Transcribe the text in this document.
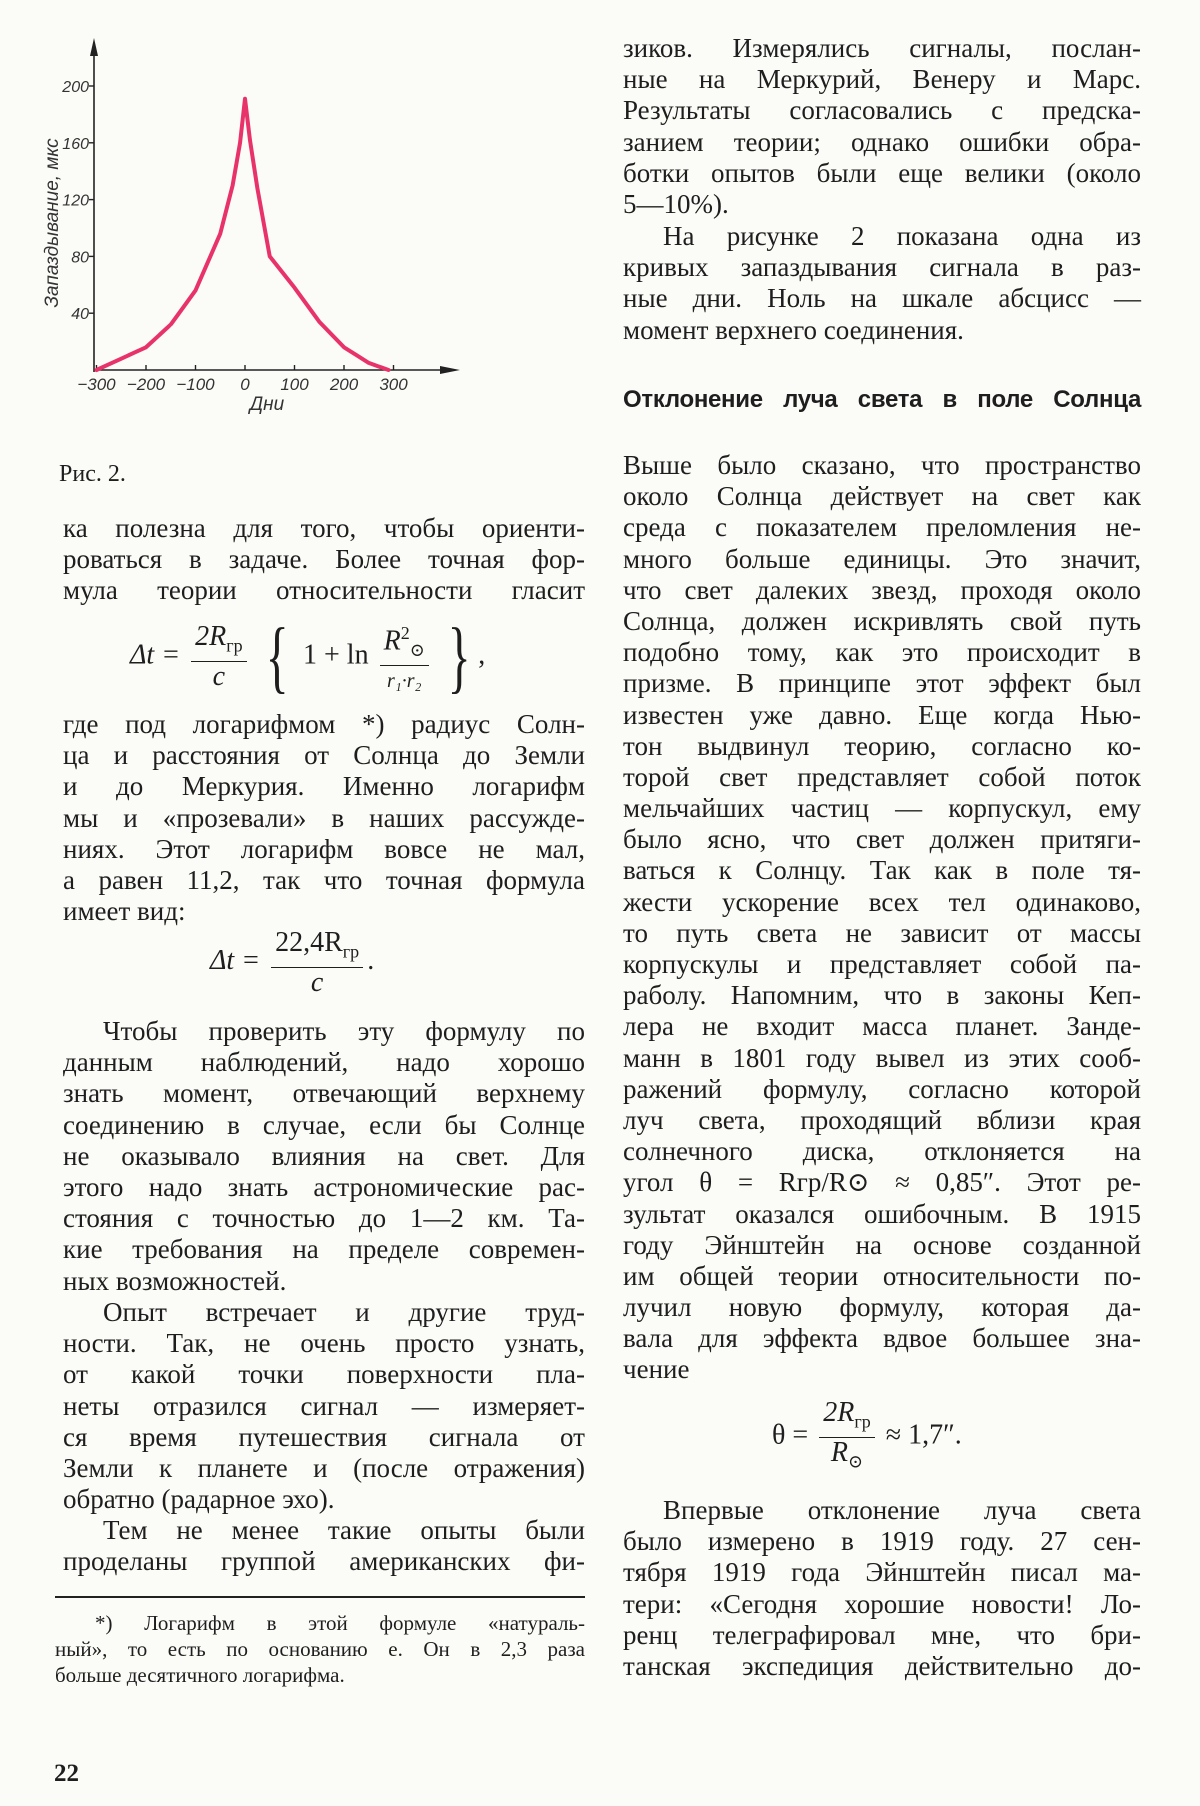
−300 −200 −100 0 100 200 300
40
80
120
160
200
Запаздывание, мкс
Дни
Рис. 2.
ка полезна для того, чтобы ориенти-
роваться в задаче. Более точная фор-
мула теории относительности гласит
$\Delta t = \frac{2R_{гр}}{c}$ { $1 + \ln \frac{R^2_⊙}{\text{r₁·r₂}}$ } ,
где под логарифмом *) радиус Солн-
ца и расстояния от Солнца до Земли
и до Меркурия. Именно логарифм
мы и «прозевали» в наших рассужде-
ниях. Этот логарифм вовсе не мал,
а равен 11,2, так что точная формула
имеет вид:
$\Delta t = \frac{22,4R_{гр}}{c}$ .
Чтобы проверить эту формулу по
данным наблюдений, надо хорошо
знать момент, отвечающий верхнему
соединению в случае, если бы Солнце
не оказывало влияния на свет. Для
этого надо знать астрономические рас-
стояния с точностью до 1—2 км. Та-
кие требования на пределе современ-
ных возможностей.
Опыт встречает и другие труд-
ности. Так, не очень просто узнать,
от какой точки поверхности пла-
неты отразился сигнал — измеряет-
ся время путешествия сигнала от
Земли к планете и (после отражения)
обратно (радарное эхо).
Тем не менее такие опыты были
проделаны группой американских фи-
*) Логарифм в этой формуле «натураль-
ный», то есть по основанию e. Он в 2,3 раза
больше десятичного логарифма.
22
зиков. Измерялись сигналы, послан-
ные на Меркурий, Венеру и Марс.
Результаты согласовались с предска-
занием теории; однако ошибки обра-
ботки опытов были еще велики (около
5—10%).
На рисунке 2 показана одна из
кривых запаздывания сигнала в раз-
ные дни. Ноль на шкале абсцисс —
момент верхнего соединения.
Отклонение луча света в поле Солнца
Выше было сказано, что пространство
около Солнца действует на свет как
среда с показателем преломления не-
много больше единицы. Это значит,
что свет далеких звезд, проходя около
Солнца, должен искривлять свой путь
подобно тому, как это происходит в
призме. В принципе этот эффект был
известен уже давно. Еще когда Нью-
тон выдвинул теорию, согласно ко-
торой свет представляет собой поток
мельчайших частиц — корпускул, ему
было ясно, что свет должен притяги-
ваться к Солнцу. Так как в поле тя-
жести ускорение всех тел одинаково,
то путь света не зависит от массы
корпускулы и представляет собой па-
раболу. Напомним, что в законы Кеп-
лера не входит масса планет. Занде-
манн в 1801 году вывел из этих сооб-
ражений формулу, согласно которой
луч света, проходящий вблизи края
солнечного диска, отклоняется на
угол θ = Rгр/R⊙ ≈ 0,85″. Этот ре-
зультат оказался ошибочным. В 1915
году Эйнштейн на основе созданной
им общей теории относительности по-
лучил новую формулу, которая да-
вала для эффекта вдвое большее зна-
чение
$\theta = \frac{2R_{гр}}{R_⊙} \approx 1,7''$.
Впервые отклонение луча света
было измерено в 1919 году. 27 сен-
тября 1919 года Эйнштейн писал ма-
тери: «Сегодня хорошие новости! Ло-
ренц телеграфировал мне, что бри-
танская экспедиция действительно до-
